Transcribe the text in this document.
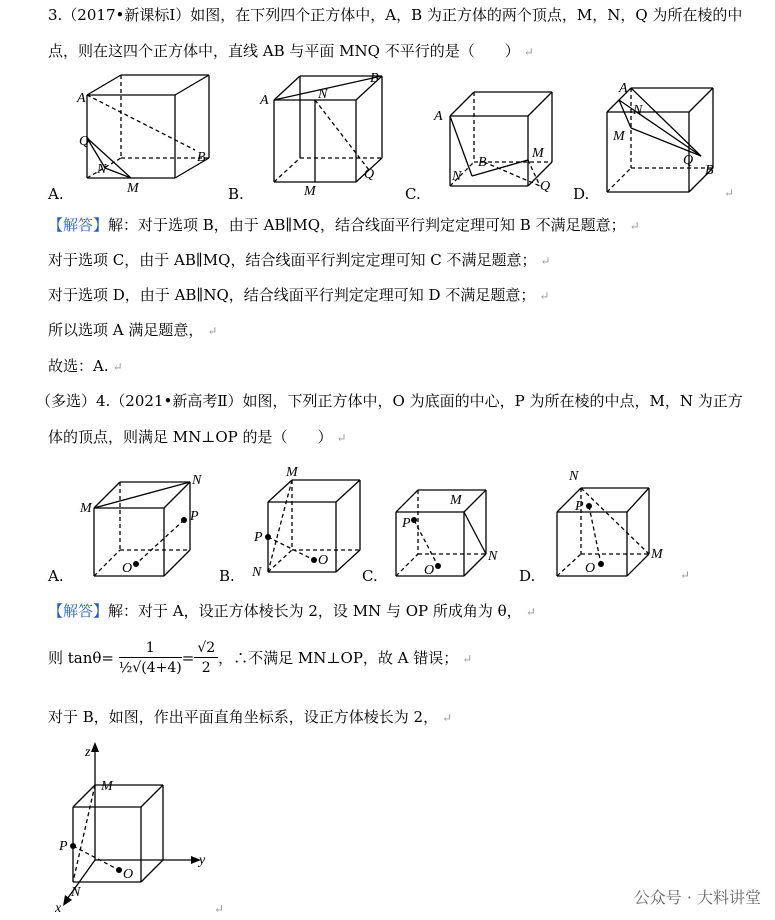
3.（2017•新课标Ⅰ）如图，在下列四个正方体中，A，B 为正方体的两个顶点，M，N，Q 为所在棱的中
点，则在这四个正方体中，直线 AB 与平面 MNQ 不平行的是（　　） ↵
A
B
Q
N
M
A.
A	N
B
Q
M
B.
A
B
M
N
Q
C.
A
N
M
Q
B
D.	↵
【解答】解：对于选项 B，由于 AB∥MQ，结合线面平行判定定理可知 B 不满足题意； ↵
对于选项 C，由于 AB∥MQ，结合线面平行判定定理可知 C 不满足题意； ↵
对于选项 D，由于 AB∥NQ，结合线面平行判定定理可知 D 不满足题意； ↵
所以选项 A 满足题意， ↵
故选：A. ↵
（多选）4.（2021•新高考Ⅱ）如图，下列正方体中，O 为底面的中心，P 为所在棱的中点，M，N 为正方
体的顶点，则满足 MN⊥OP 的是（　　） ↵
M
N
P
O
A.
M
P
O
N
B.
M
P
O
N
C.
N
P
M
O
D.	↵
【解答】解：对于 A，设正方体棱长为 2，设 MN 与 OP 所成角为 θ， ↵
则 $\tan\theta= \frac{1}{\text{½√(4+4)}} = \frac{√2}{2}$ ，∴不满足 MN⊥OP，故 A 错误； ↵
对于 B，如图，作出平面直角坐标系，设正方体棱长为 2， ↵
z
M
P
O
N
y
x	↵
公众号 · 大料讲堂
